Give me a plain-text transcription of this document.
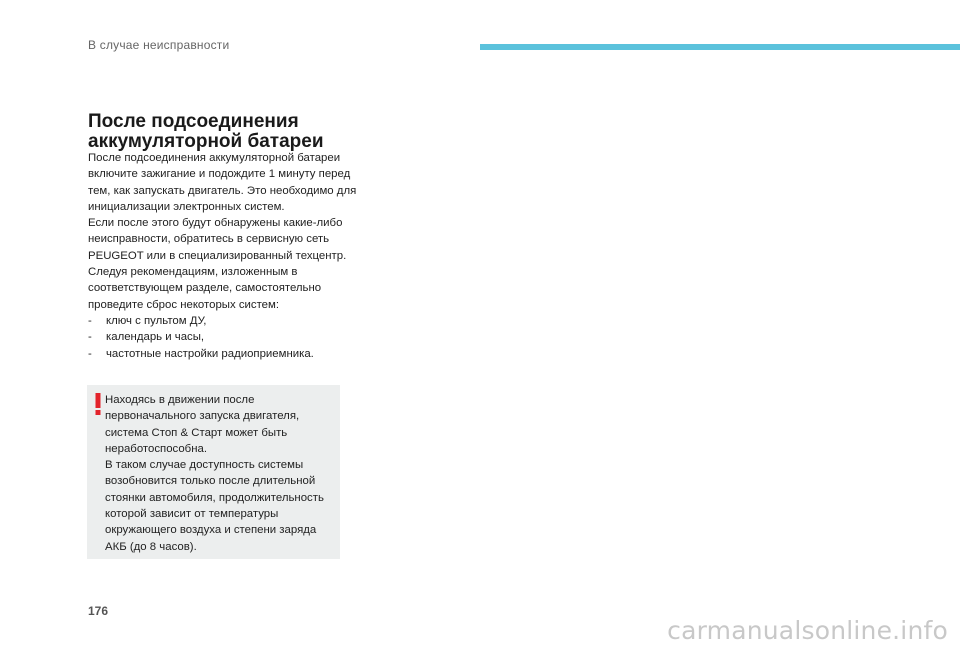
В случае неисправности
После подсоединения аккумуляторной батареи

После подсоединения аккумуляторной батареи включите зажигание и подождите 1 минуту перед тем, как запускать двигатель. Это необходимо для инициализации электронных систем.

Если после этого будут обнаружены какие-либо неисправности, обратитесь в сервисную сеть PEUGEOT или в специализированный техцентр.

Следуя рекомендациям, изложенным в соответствующем разделе, самостоятельно проведите сброс некоторых систем:

- ключ с пультом ДУ,
- календарь и часы,
- частотные настройки радиоприемника.

Находясь в движении после первоначального запуска двигателя, система Стоп & Старт может быть неработоспособна.

В таком случае доступность системы возобновится только после длительной стоянки автомобиля, продолжительность которой зависит от температуры окружающего воздуха и степени заряда АКБ (до 8 часов).

176
carmanualsonline.info
